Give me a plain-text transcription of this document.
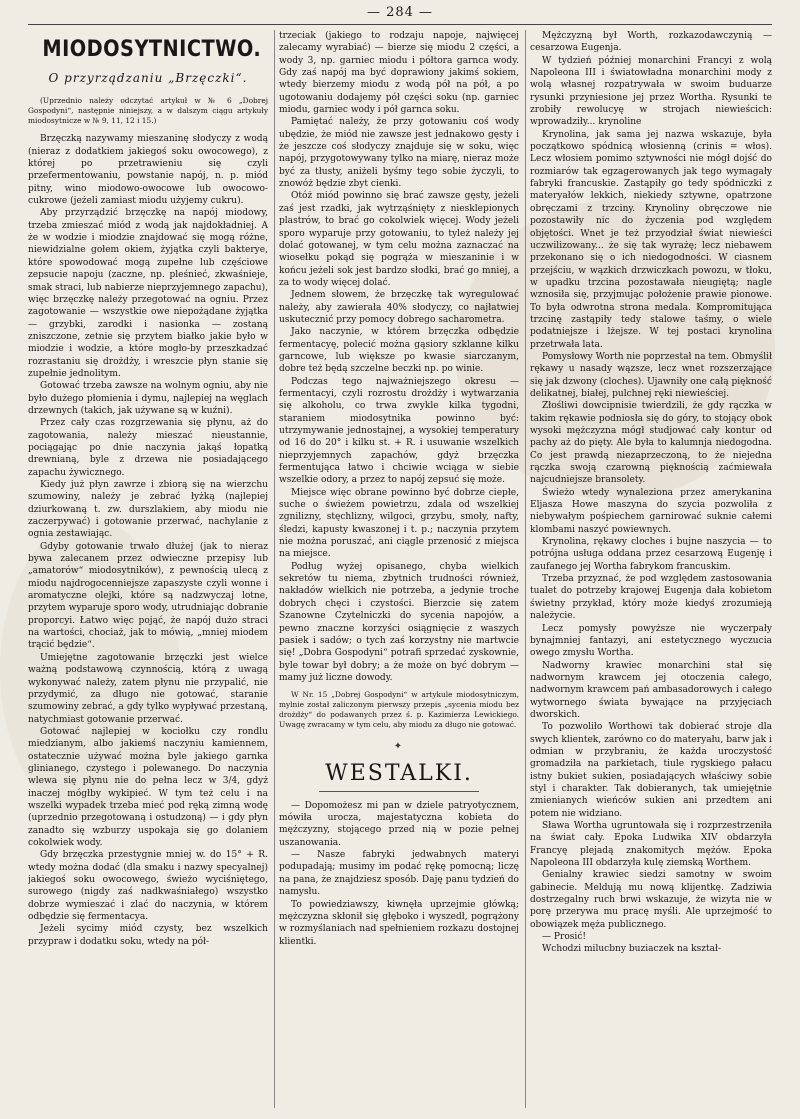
— 284 —
MIODOSYTNICTWO.
O przyrządzaniu „Brzęczki“.
(Uprzednio należy odczytać artykuł w № 6 „Dobrej Gospodyni“, następnie niniejszy, a w dalszym ciągu artykuły miodosytnicze w № 9, 11, 12 i 15.)

Brzęczką nazywamy mieszaninę słodyczy z wodą (nieraz z dodatkiem jakiegoś soku owocowego), z której po przetrawieniu się czyli przefermentowaniu, powstanie napój, n. p. miód pitny, wino miodowo-owocowe lub owocowo-cukrowe (jeżeli zamiast miodu użyjemy cukru).

Aby przyrządzić brzęczkę na napój miodowy, trzeba zmieszać miód z wodą jak najdokładniej. A że w wodzie i miodzie znajdować się mogą różne, niewidzialne gołem okiem, żyjątka czyli bakterye, które spowodować mogą zupełne lub częściowe zepsucie napoju (zaczne, np. pleśnieć, zkwaśnieje, smak straci, lub nabierze nieprzyjemnego zapachu), więc brzęczkę należy przegotować na ogniu. Przez zagotowanie — wszystkie owe niepożądane żyjątka — grzybki, zarodki i nasionka — zostaną zniszczone, zetnie się przytem białko jakie było w miodzie i wodzie, a które mogło-by przeszkadzać rozrastaniu się drożdży, i wreszcie płyn stanie się zupełnie jednolitym.

Gotować trzeba zawsze na wolnym ogniu, aby nie było dużego płomienia i dymu, najlepiej na węglach drzewnych (takich, jak używane są w kuźni).

Przez cały czas rozgrzewania się płynu, aż do zagotowania, należy mieszać nieustannie, pociągając po dnie naczynia jakąś łopatką drewnianą, byle z drzewa nie posiadającego zapachu żywicznego.

Kiedy już płyn zawrze i zbiorą się na wierzchu szumowiny, należy je zebrać łyżką (najlepiej dziurkowaną t. zw. durszlakiem, aby miodu nie zaczerpywać) i gotowanie przerwać, nachylanie z ognia zestawiając.

Gdyby gotowanie trwało dłużej (jak to nieraz bywa zalecanem przez odwieczne przepisy lub „amatorów“ miodosytników), z pewnością ulecą z miodu najdrogocenniejsze zapaszyste czyli wonne i aromatyczne olejki, które są nadzwyczaj lotne, przytem wyparuje sporo wody, utrudniając dobranie proporcyi. Łatwo więc pojąć, że napój dużo straci na wartości, chociaż, jak to mówią, „mniej miodem trącić będzie“.

Umiejętne zagotowanie brzęczki jest wielce ważną podstawową czynnością, którą z uwagą wykonywać należy, zatem płynu nie przypalić, nie przydymić, za długo nie gotować, staranie szumowiny zebrać, a gdy tylko wypływać przestaną, natychmiast gotowanie przerwać.

Gotować najlepiej w kociołku czy rondlu miedzianym, albo jakiemś naczyniu kamiennem, ostatecznie używać można byle jakiego garnka glinianego, czystego i polewanego. Do naczynia wlewa się płynu nie do pełna lecz w 3/4, gdyż inaczej mógłby wykipieć. W tym też celu i na wszelki wypadek trzeba mieć pod ręką zimną wodę (uprzednio przegotowaną i ostudzoną) — i gdy płyn zanadto się wzburzy uspokaja się go dolaniem cokolwiek wody.

Gdy brzęczka przestygnie mniej w. do 15° + R. wtedy można dodać (dla smaku i nazwy specyalnej) jakiegoś soku owocowego, świeżo wyciśniętego, surowego (nigdy zaś nadkwaśniałego) wszystko dobrze wymieszać i zlać do naczynia, w którem odbędzie się fermentacya.

Jeżeli sycimy miód czysty, bez wszelkich przypraw i dodatku soku, wtedy na pół-

trzeciak (jakiego to rodzaju napoje, najwięcej zalecamy wyrabiać) — bierze się miodu 2 części, a wody 3, np. garniec miodu i półtora garnca wody. Gdy zaś napój ma być doprawiony jakimś sokiem, wtedy bierzemy miodu z wodą pół na pół, a po ugotowaniu dodajemy pół części soku (np. garniec miodu, garniec wody i pół garnca soku.

Pamiętać należy, że przy gotowaniu coś wody ubędzie, że miód nie zawsze jest jednakowo gęsty i że jeszcze coś słodyczy znajduje się w soku, więc napój, przygotowywany tylko na miarę, nieraz może być za tłusty, aniżeli byśmy tego sobie życzyli, to znowóż będzie zbyt cienki.

Otóż miód powinno się brać zawsze gęsty, jeżeli zaś jest rzadki, jak wytrząśnięty z niesklepionych plastrów, to brać go cokolwiek więcej. Wody jeżeli sporo wyparuje przy gotowaniu, to tyleż należy jej dolać gotowanej, w tym celu można zaznaczać na wiosełku pokąd się pogrąża w mieszaninie i w końcu jeżeli sok jest bardzo słodki, brać go mniej, a za to wody więcej dolać.

Jednem słowem, że brzęczkę tak wyregulować należy, aby zawierała 40% słodyczy, co najłatwiej uskutecznić przy pomocy dobrego sacharometra.

Jako naczynie, w którem brzęczka odbędzie fermentacyę, polecić można gąsiory szklanne kilku garncowe, lub większe po kwasie siarczanym, dobre też będą szczelne beczki np. po winie.

Podczas tego najważniejszego okresu — fermentacyi, czyli rozrostu drożdży i wytwarzania się alkoholu, co trwa zwykle kilka tygodni, staraniem miodosytnika powinno być: utrzymywanie jednostajnej, a wysokiej temperatury od 16 do 20° i kilku st. + R. i usuwanie wszelkich nieprzyjemnych zapachów, gdyż brzęczka fermentująca łatwo i chciwie wciąga w siebie wszelkie odory, a przez to napój zepsuć się może.

Miejsce więc obrane powinno być dobrze ciepłe, suche o świeżem powietrzu, zdala od wszelkiej zgnilizny, stęchlizny, wilgoci, grzybu, smoły, nafty, śledzi, kapusty kwaszonej i t. p.; naczynia przytem nie można poruszać, ani ciągle przenosić z miejsca na miejsce.

Podług wyżej opisanego, chyba wielkich sekretów tu niema, zbytnich trudności również, nakładów wielkich nie potrzeba, a jedynie troche dobrych chęci i czystości. Bierzcie się zatem Szanowne Czytelniczki do sycenia napojów, a pewno znaczne korzyści osiągnięcie z waszych pasiek i sadów; o tych zaś korzystny nie martwcie się! „Dobra Gospodyni“ potrafi sprzedać zyskownie, byle towar był dobry; a że może on być dobrym — mamy już liczne dowody.

W Nr. 15 „Dobrej Gospodyni“ w artykule miodosytniczym, mylnie został zaliczonym pierwszy przepis „sycenia miodu bez drożdży“ do podawanych przez ś. p. Kazimierza Lewickiego. Uwagę zwracamy w tym celu, aby miodu za długo nie gotować.
✦
WESTALKI.

— Dopomożesz mi pan w dziele patryotycznem, mówiła urocza, majestatyczna kobieta do mężczyzny, stojącego przed nią w pozie pełnej uszanowania.

— Nasze fabryki jedwabnych materyi podupadają; musimy im podać rękę pomocną; liczę na pana, że znajdziesz sposób. Daję panu tydzień do namysłu.

To powiedziawszy, kiwnęła uprzejmie główką; mężczyzna skłonił się głęboko i wyszedł, pogrążony w rozmyślaniach nad spełnieniem rozkazu dostojnej klientki.

Mężczyzną był Worth, rozkazodawczynią — cesarzowa Eugenja.

W tydzień później monarchini Francyi z wolą Napoleona III i światowładna monarchini mody z wolą własnej rozpatrywała w swoim buduarze rysunki przyniesione jej przez Wortha. Rysunki te zrobiły rewolucyę w strojach niewieścich: wprowadziły... krynoline

Krynolina, jak sama jej nazwa wskazuje, była początkowo spódnicą włosienną (crinis = włos). Lecz włosiem pomimo sztywności nie mógł dojść do rozmiarów tak egzagerowanych jak tego wymagały fabryki francuskie. Zastąpiły go tedy spódniczki z materyałów lekkich, niekiedy sztywne, opatrzone obręczami z trzciny. Krynoliny obręczowe nie pozostawiły nic do życzenia pod względem objętości. Wnet je też przyodział świat niewieści uczwilizowany... że się tak wyrażę; lecz niebawem przekonano się o ich niedogodności. W ciasnem przejściu, w wązkich drzwiczkach powozu, w tłoku, w upadku trzcina pozostawała nieugiętą; nagle wznosiła się, przyjmując położenie prawie pionowe. To była odwrotna strona medala. Kompromitująca trzcinę zastąpiły tedy stalowe taśmy, o wiele podatniejsze i lżejsze. W tej postaci krynolina przetrwała lata.

Pomysłowy Worth nie poprzestał na tem. Obmyślił rękawy u nasady wązsze, lecz wnet rozszerzające się jak dzwony (cloches). Ujawniły one całą piękność delikatnej, białej, pulchnej ręki niewieściej.

Złośliwi dowcipnisie twierdzili, że gdy rączka w takim rękawie podniosła się do góry, to stojący obok wysoki mężczyzna mógł studjować cały kontur od pachy aż do pięty. Ale była to kalumnja niedogodna. Co jest prawdą niezaprzeczoną, to że niejedna rączka swoją czarowną pięknością zaćmiewała najcudniejsze bransolety.

Świeżo wtedy wynaleziona przez amerykanina Eljasza Howe maszyna do szycia pozwoliła z niebywałym pośpiechem garnirować suknie całemi klombami naszyć powiewnych.

Krynolina, rękawy cloches i bujne naszycia — to potrójna usługa oddana przez cesarzową Eugenję i zaufanego jej Wortha fabrykom francuskim.

Trzeba przyznać, że pod względem zastosowania tualet do potrzeby krajowej Eugenja dała kobietom świetny przykład, który może kiedyś zrozumieją należycie.

Lecz pomysły powyższe nie wyczerpały bynajmniej fantazyi, ani estetycznego wyczucia owego zmysłu Wortha.

Nadworny krawiec monarchini stał się nadwornym krawcem jej otoczenia całego, nadwornym krawcem pań ambasadorowych i całego wytwornego świata bywające na przyjęciach dworskich.

To pozwoliło Worthowi tak dobierać stroje dla swych klientek, zarówno co do materyału, barw jak i odmian w przybraniu, że każda uroczystość gromadziła na parkietach, tiule rygskiego pałacu istny bukiet sukien, posiadających właściwy sobie styl i charakter. Tak dobieranych, tak umiejętnie zmienianych wieńców sukien ani przedtem ani potem nie widziano.

Sława Wortha ugruntowała się i rozprzestrzeniła na świat cały. Epoka Ludwika XIV obdarzyła Francyę plejadą znakomitych mężów. Epoka Napoleona III obdarzyła kulę ziemską Worthem.

Genialny krawiec siedzi samotny w swoim gabinecie. Meldują mu nową klijentkę. Zadziwia dostrzegalny ruch brwi wskazuje, że wizyta nie w porę przerywa mu pracę myśli. Ale uprzejmość to obowiązek męża publicznego.

— Prosić!

Wchodzi milucbny buziaczek na kształ-
